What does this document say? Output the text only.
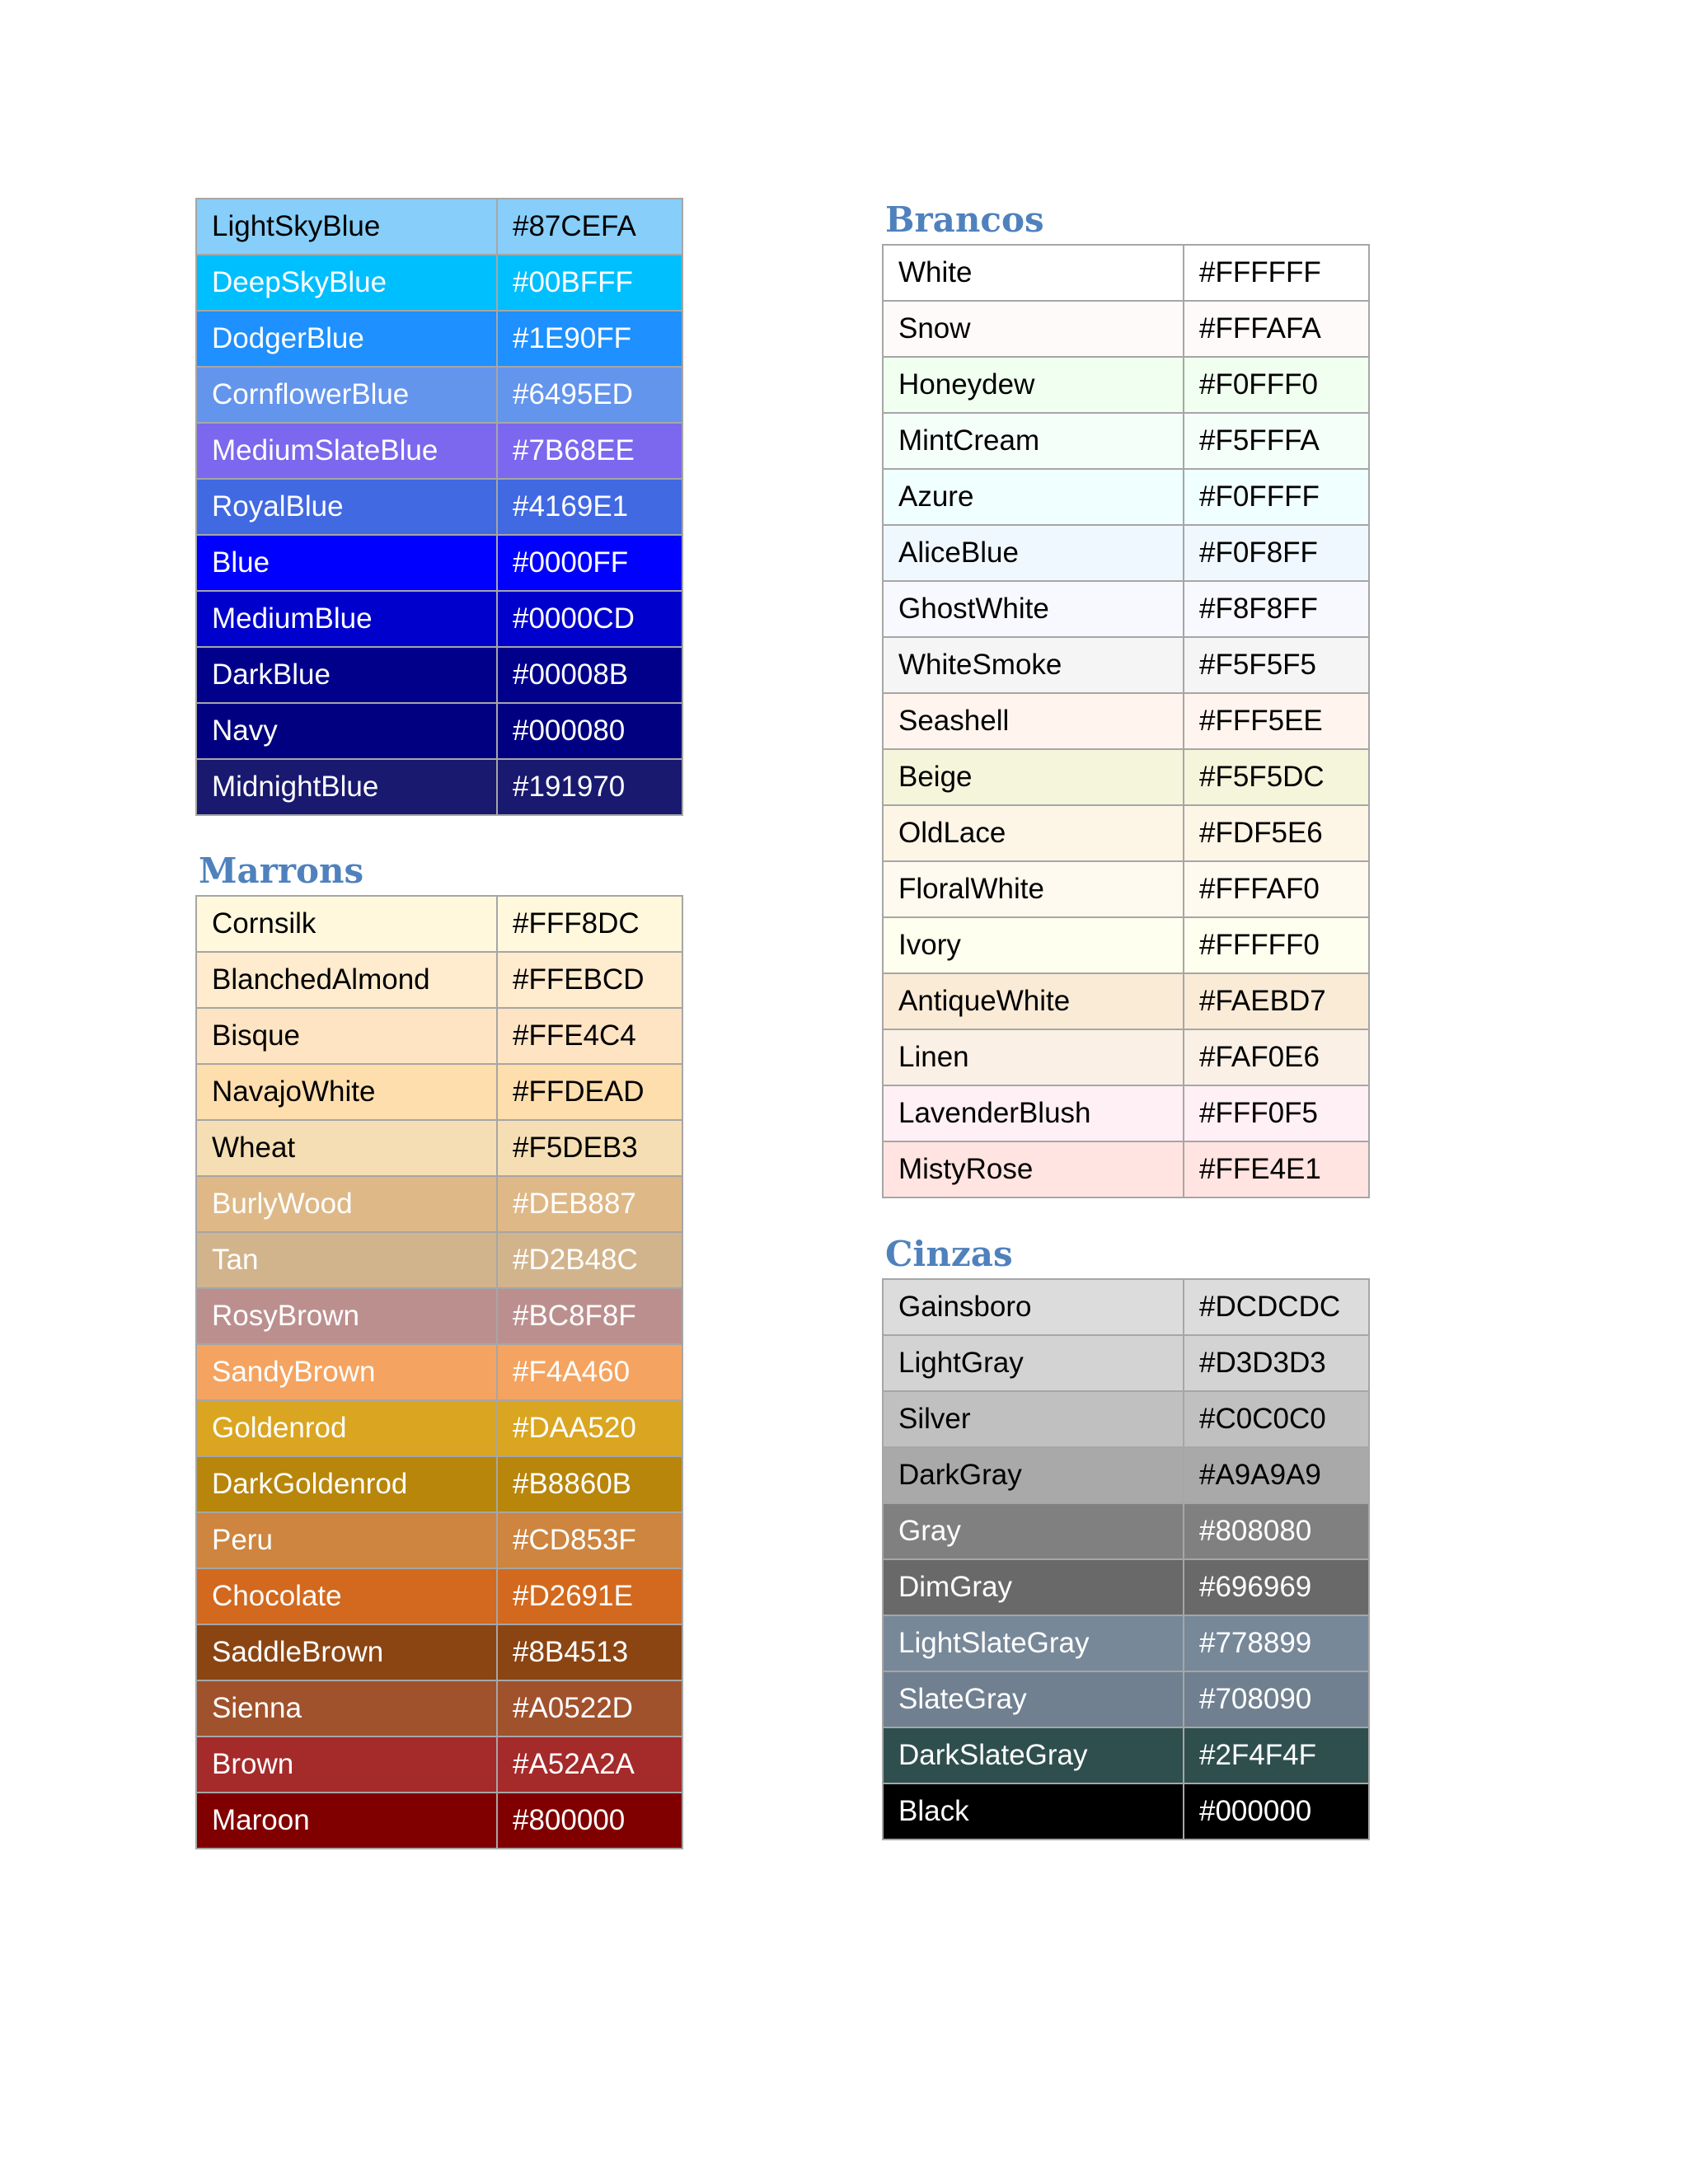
LightSkyBlue	#87CEFA
DeepSkyBlue	#00BFFF
DodgerBlue	#1E90FF
CornflowerBlue	#6495ED
MediumSlateBlue	#7B68EE
RoyalBlue	#4169E1
Blue	#0000FF
MediumBlue	#0000CD
DarkBlue	#00008B
Navy	#000080
MidnightBlue	#191970
Marrons
Cornsilk	#FFF8DC
BlanchedAlmond	#FFEBCD
Bisque	#FFE4C4
NavajoWhite	#FFDEAD
Wheat	#F5DEB3
BurlyWood	#DEB887
Tan	#D2B48C
RosyBrown	#BC8F8F
SandyBrown	#F4A460
Goldenrod	#DAA520
DarkGoldenrod	#B8860B
Peru	#CD853F
Chocolate	#D2691E
SaddleBrown	#8B4513
Sienna	#A0522D
Brown	#A52A2A
Maroon	#800000
Brancos
White	#FFFFFF
Snow	#FFFAFA
Honeydew	#F0FFF0
MintCream	#F5FFFA
Azure	#F0FFFF
AliceBlue	#F0F8FF
GhostWhite	#F8F8FF
WhiteSmoke	#F5F5F5
Seashell	#FFF5EE
Beige	#F5F5DC
OldLace	#FDF5E6
FloralWhite	#FFFAF0
Ivory	#FFFFF0
AntiqueWhite	#FAEBD7
Linen	#FAF0E6
LavenderBlush	#FFF0F5
MistyRose	#FFE4E1
Cinzas
Gainsboro	#DCDCDC
LightGray	#D3D3D3
Silver	#C0C0C0
DarkGray	#A9A9A9
Gray	#808080
DimGray	#696969
LightSlateGray	#778899
SlateGray	#708090
DarkSlateGray	#2F4F4F
Black	#000000
